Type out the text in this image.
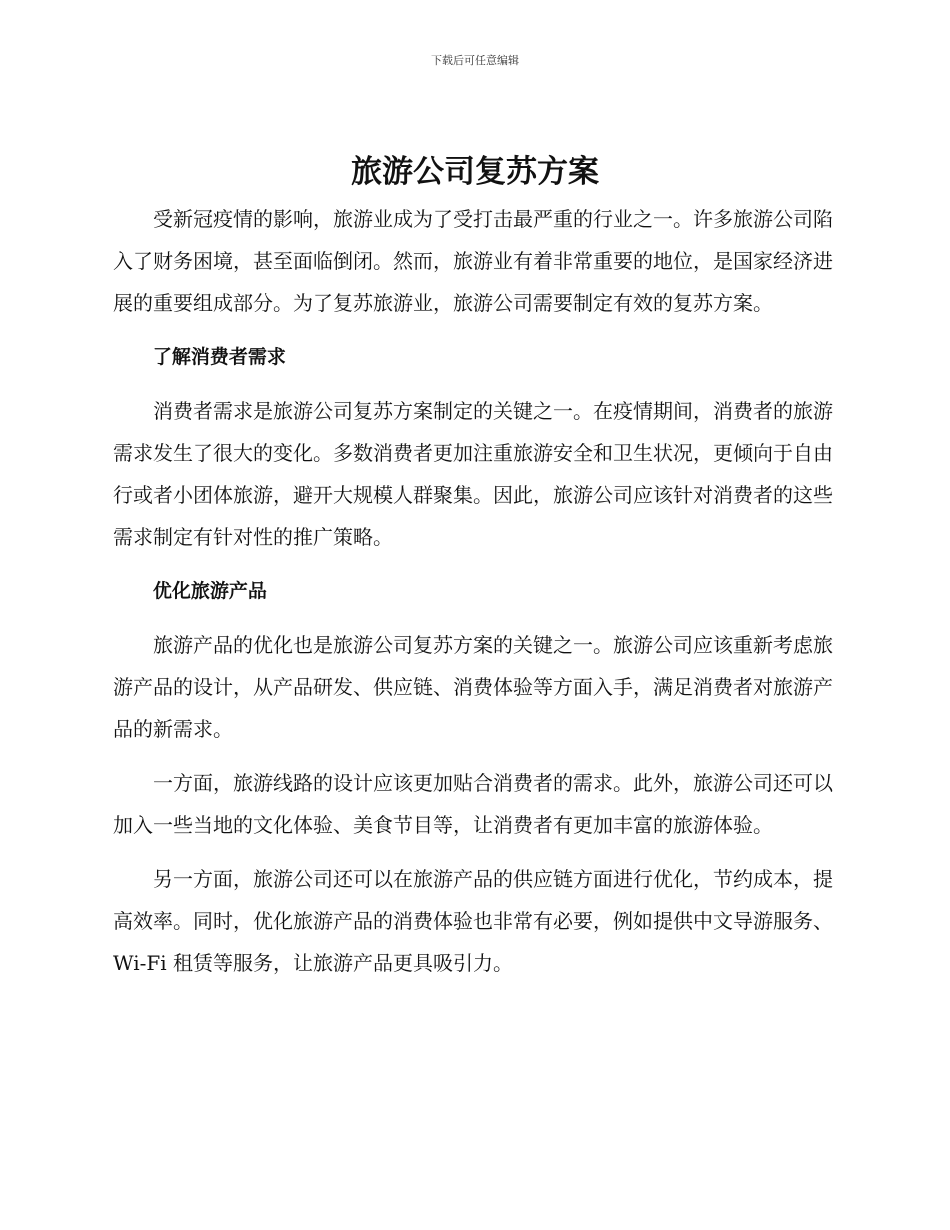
下载后可任意编辑
旅游公司复苏方案

受新冠疫情的影响，旅游业成为了受打击最严重的行业之一。许多旅游公司陷入了财务困境，甚至面临倒闭。然而，旅游业有着非常重要的地位，是国家经济进展的重要组成部分。为了复苏旅游业，旅游公司需要制定有效的复苏方案。

了解消费者需求

消费者需求是旅游公司复苏方案制定的关键之一。在疫情期间，消费者的旅游需求发生了很大的变化。多数消费者更加注重旅游安全和卫生状况，更倾向于自由行或者小团体旅游，避开大规模人群聚集。因此，旅游公司应该针对消费者的这些需求制定有针对性的推广策略。

优化旅游产品

旅游产品的优化也是旅游公司复苏方案的关键之一。旅游公司应该重新考虑旅游产品的设计，从产品研发、供应链、消费体验等方面入手，满足消费者对旅游产品的新需求。

一方面，旅游线路的设计应该更加贴合消费者的需求。此外，旅游公司还可以加入一些当地的文化体验、美食节目等，让消费者有更加丰富的旅游体验。

另一方面，旅游公司还可以在旅游产品的供应链方面进行优化，节约成本，提高效率。同时，优化旅游产品的消费体验也非常有必要，例如提供中文导游服务、Wi-Fi 租赁等服务，让旅游产品更具吸引力。
